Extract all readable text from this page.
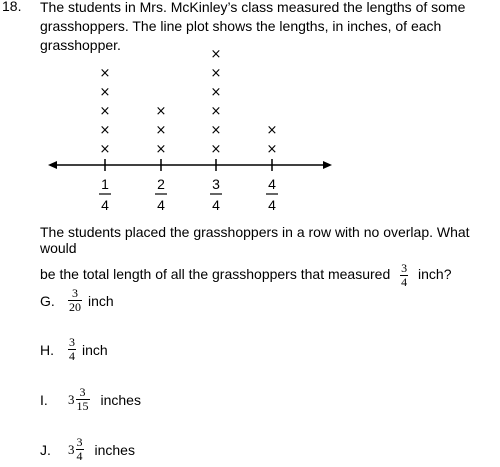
18. The students in Mrs. McKinley’s class measured the lengths of some grasshoppers. The line plot shows the lengths, in inches, of each grasshopper.
1
4
×
×
×
×
×
2
4
×
×
×
3
4
×
×
×
×
×
×
4
4
×
×
The students placed the grasshoppers in a row with no overlap. What would
be the total length of all the grasshoppers that measured $\frac{3}{4}$ inch?
G.	$\frac{3}{20}$ inch
H.	$\frac{3}{4}$ inch
I.	$3 \frac{3}{15}$ inches
J.	$3 \frac{3}{4}$ inches
